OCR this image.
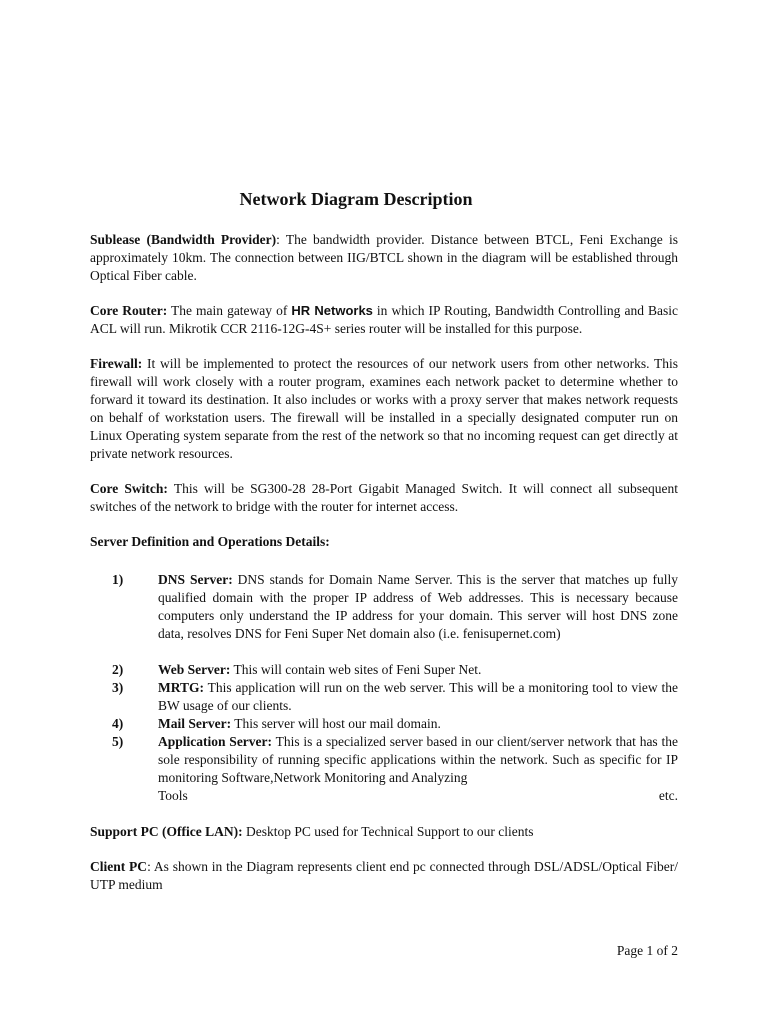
Network Diagram Description

Sublease (Bandwidth Provider): The bandwidth provider. Distance between BTCL, Feni Exchange is approximately 10km. The connection between IIG/BTCL shown in the diagram will be established through Optical Fiber cable.

Core Router: The main gateway of HR Networks in which IP Routing, Bandwidth Controlling and Basic ACL will run. Mikrotik CCR 2116-12G-4S+ series router will be installed for this purpose.

Firewall: It will be implemented to protect the resources of our network users from other networks. This firewall will work closely with a router program, examines each network packet to determine whether to forward it toward its destination. It also includes or works with a proxy server that makes network requests on behalf of workstation users. The firewall will be installed in a specially designated computer run on Linux Operating system separate from the rest of the network so that no incoming request can get directly at private network resources.

Core Switch: This will be SG300-28 28-Port Gigabit Managed Switch. It will connect all subsequent switches of the network to bridge with the router for internet access.

Server Definition and Operations Details:

1)	DNS Server: DNS stands for Domain Name Server. This is the server that matches up fully qualified domain with the proper IP address of Web addresses. This is necessary because computers only understand the IP address for your domain. This server will host DNS zone data, resolves DNS for Feni Super Net domain also (i.e. fenisupernet.com)
2)	Web Server: This will contain web sites of Feni Super Net.
3)	MRTG: This application will run on the web server. This will be a monitoring tool to view the BW usage of our clients.
4)	Mail Server: This server will host our mail domain.
5)	Application Server: This is a specialized server based in our client/server network that has the sole responsibility of running specific applications within the network. Such as specific for IP monitoring Software,Network Monitoring and Analyzing
Tools	etc.

Support PC (Office LAN): Desktop PC used for Technical Support to our clients

Client PC: As shown in the Diagram represents client end pc connected through DSL/ADSL/Optical Fiber/ UTP medium

Page 1 of 2
